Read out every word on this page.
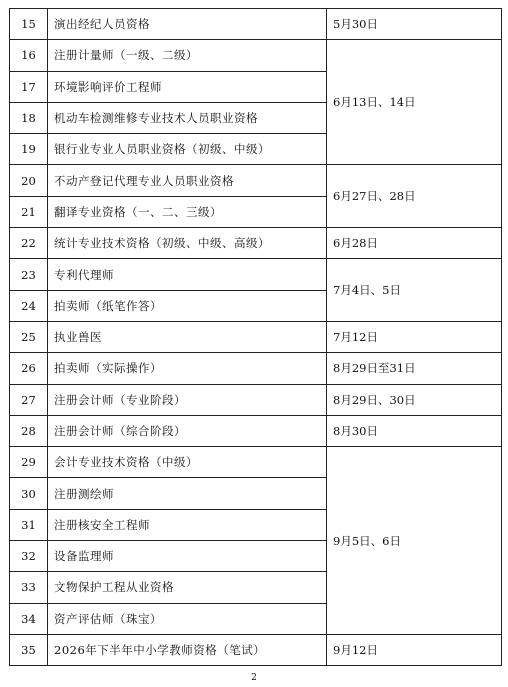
15	演出经纪人员资格	5月30日
16	注册计量师（一级、二级）	6月13日、14日
17	环境影响评价工程师	
18	机动车检测维修专业技术人员职业资格	
19	银行业专业人员职业资格（初级、中级）	
20	不动产登记代理专业人员职业资格	6月27日、28日
21	翻译专业资格（一、二、三级）	
22	统计专业技术资格（初级、中级、高级）	6月28日
23	专利代理师	7月4日、5日
24	拍卖师（纸笔作答）	
25	执业兽医	7月12日
26	拍卖师（实际操作）	8月29日至31日
27	注册会计师（专业阶段）	8月29日、30日
28	注册会计师（综合阶段）	8月30日
29	会计专业技术资格（中级）	9月5日、6日
30	注册测绘师	
31	注册核安全工程师	
32	设备监理师	
33	文物保护工程从业资格	
34	资产评估师（珠宝）	
35	2026年下半年中小学教师资格（笔试）	9月12日
2
